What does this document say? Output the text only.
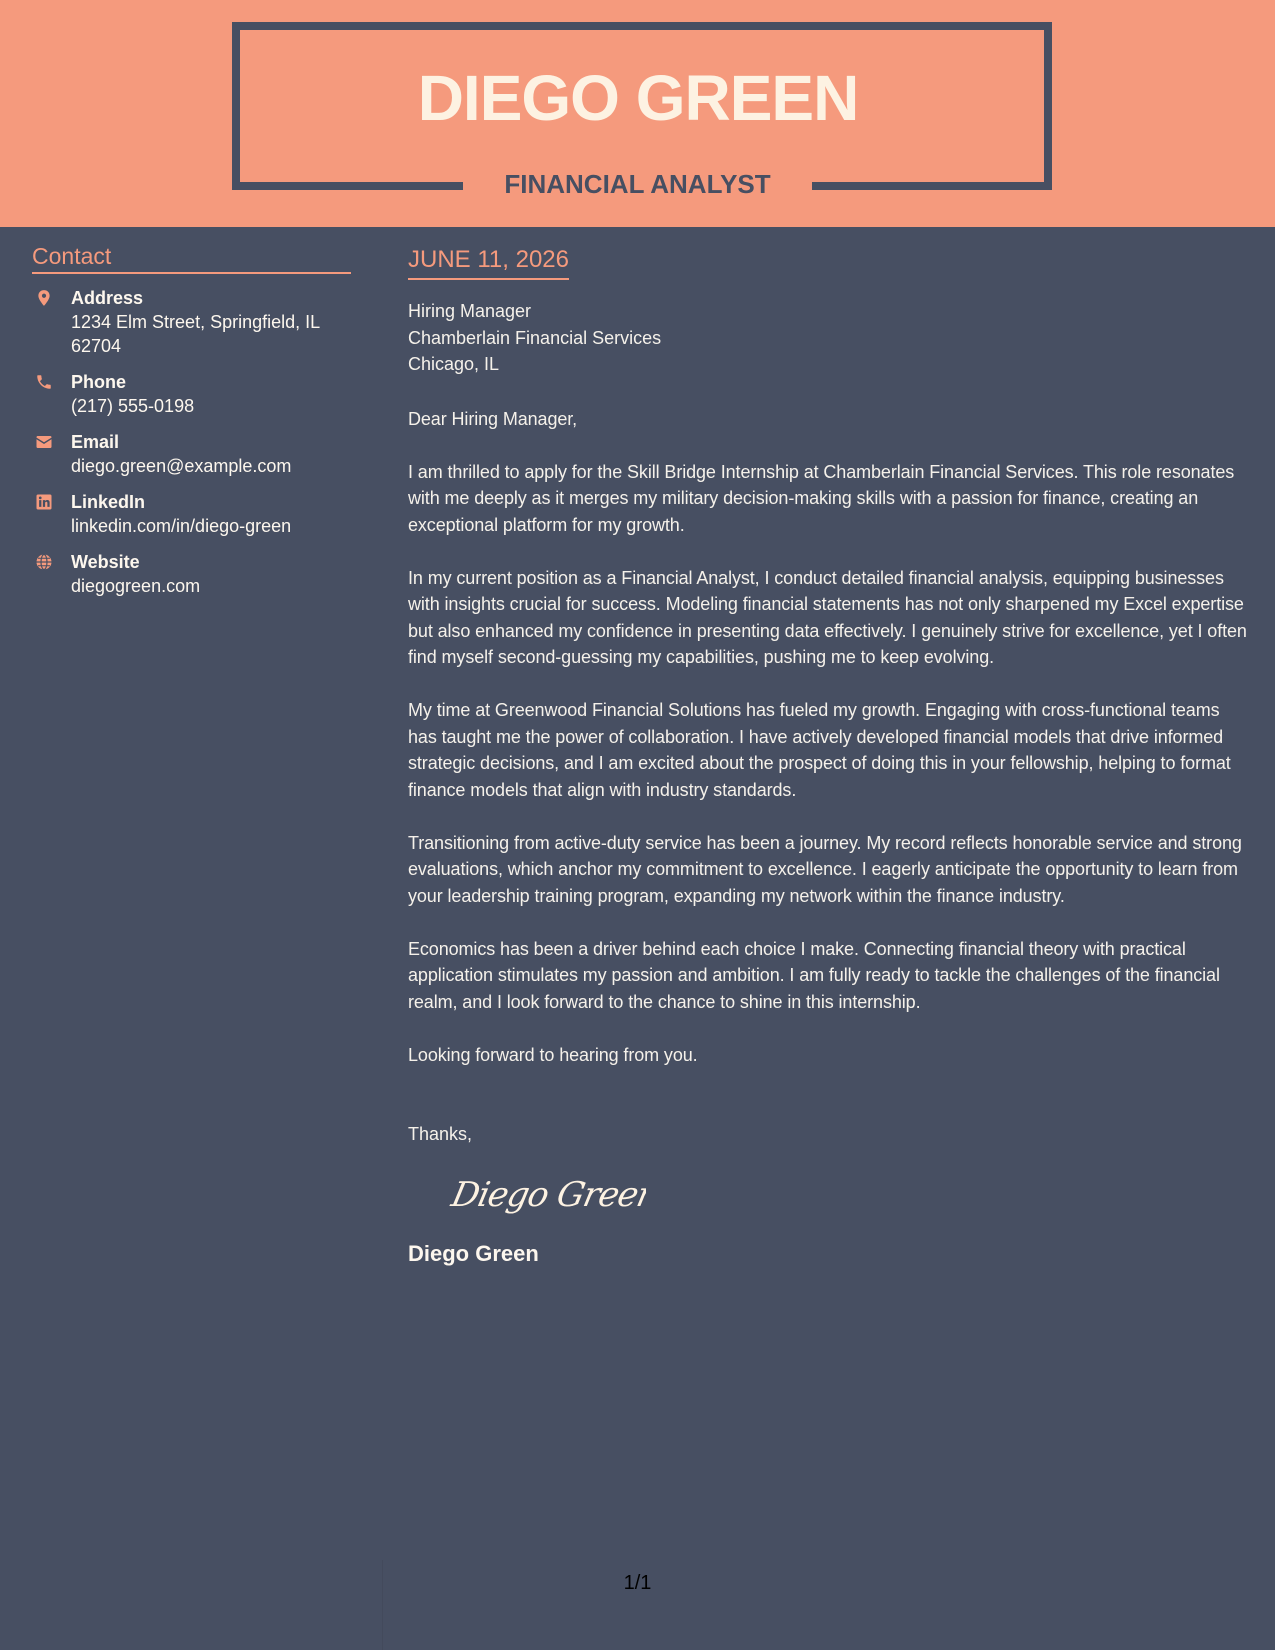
DIEGO GREEN
FINANCIAL ANALYST
Contact
Address
1234 Elm Street, Springfield, IL 62704
Phone
(217) 555-0198
Email
diego.green@example.com
LinkedIn
linkedin.com/in/diego-green
Website
diegogreen.com
JUNE 11, 2026
Hiring Manager
Chamberlain Financial Services
Chicago, IL

Dear Hiring Manager,

I am thrilled to apply for the Skill Bridge Internship at Chamberlain Financial Services. This role resonates with me deeply as it merges my military decision-making skills with a passion for finance, creating an exceptional platform for my growth.

In my current position as a Financial Analyst, I conduct detailed financial analysis, equipping businesses with insights crucial for success. Modeling financial statements has not only sharpened my Excel expertise but also enhanced my confidence in presenting data effectively. I genuinely strive for excellence, yet I often find myself second-guessing my capabilities, pushing me to keep evolving.

My time at Greenwood Financial Solutions has fueled my growth. Engaging with cross-functional teams has taught me the power of collaboration. I have actively developed financial models that drive informed strategic decisions, and I am excited about the prospect of doing this in your fellowship, helping to format finance models that align with industry standards.

Transitioning from active-duty service has been a journey. My record reflects honorable service and strong evaluations, which anchor my commitment to excellence. I eagerly anticipate the opportunity to learn from your leadership training program, expanding my network within the finance industry.

Economics has been a driver behind each choice I make. Connecting financial theory with practical application stimulates my passion and ambition. I am fully ready to tackle the challenges of the financial realm, and I look forward to the chance to shine in this internship.

Looking forward to hearing from you.

Thanks,
Diego Green
Diego Green
1/1
